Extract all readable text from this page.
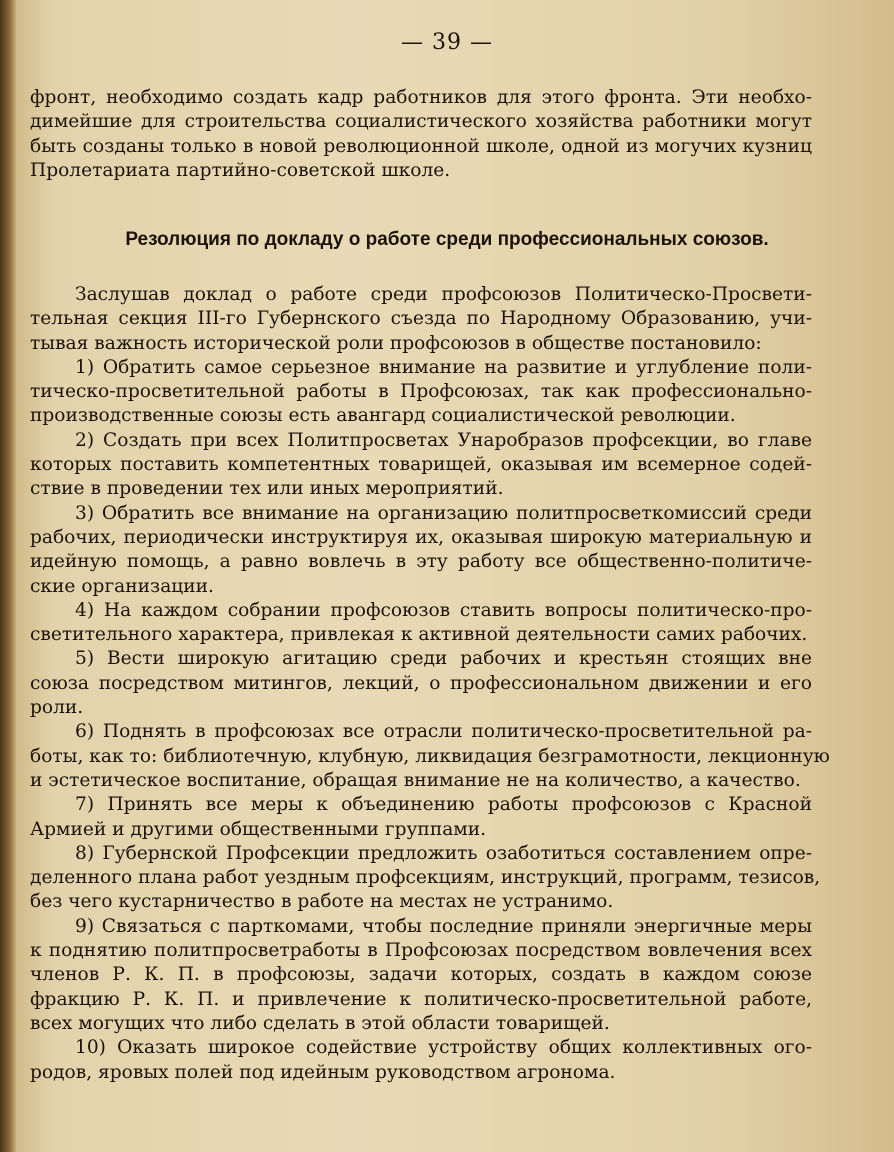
— 39 —
фронт, необходимо создать кадр работников для этого фронта. Эти необхо-
димейшие для строительства социалистического хозяйства работники могут
быть созданы только в новой революционной школе, одной из могучих кузниц
Пролетариата партийно-советской школе.
Резолюция по докладу о работе среди профессиональных союзов.
Заслушав доклад о работе среди профсоюзов Политическо-Просвети-
тельная секция III-го Губернского съезда по Народному Образованию, учи-
тывая важность исторической роли профсоюзов в обществе постановило:
1) Обратить самое серьезное внимание на развитие и углубление поли-
тическо-просветительной работы в Профсоюзах, так как профессионально-
производственные союзы есть авангард социалистической революции.
2) Создать при всех Политпросветах Унаробразов профсекции, во главе
которых поставить компетентных товарищей, оказывая им всемерное содей-
ствие в проведении тех или иных мероприятий.
3) Обратить все внимание на организацию политпросветкомиссий среди
рабочих, периодически инструктируя их, оказывая широкую материальную и
идейную помощь, а равно вовлечь в эту работу все общественно-политиче-
ские организации.
4) На каждом собрании профсоюзов ставить вопросы политическо-про-
светительного характера, привлекая к активной деятельности самих рабочих.
5) Вести широкую агитацию среди рабочих и крестьян стоящих вне
союза посредством митингов, лекций, о профессиональном движении и его
роли.
6) Поднять в профсоюзах все отрасли политическо-просветительной ра-
боты, как то: библиотечную, клубную, ликвидация безграмотности, лекционную
и эстетическое воспитание, обращая внимание не на количество, а качество.
7) Принять все меры к объединению работы профсоюзов с Красной
Армией и другими общественными группами.
8) Губернской Профсекции предложить озаботиться составлением опре-
деленного плана работ уездным профсекциям, инструкций, программ, тезисов,
без чего кустарничество в работе на местах не устранимо.
9) Связаться с парткомами, чтобы последние приняли энергичные меры
к поднятию политпросветработы в Профсоюзах посредством вовлечения всех
членов Р. К. П. в профсоюзы, задачи которых, создать в каждом союзе
фракцию Р. К. П. и привлечение к политическо-просветительной работе,
всех могущих что либо сделать в этой области товарищей.
10) Оказать широкое содействие устройству общих коллективных ого-
родов, яровых полей под идейным руководством агронома.
